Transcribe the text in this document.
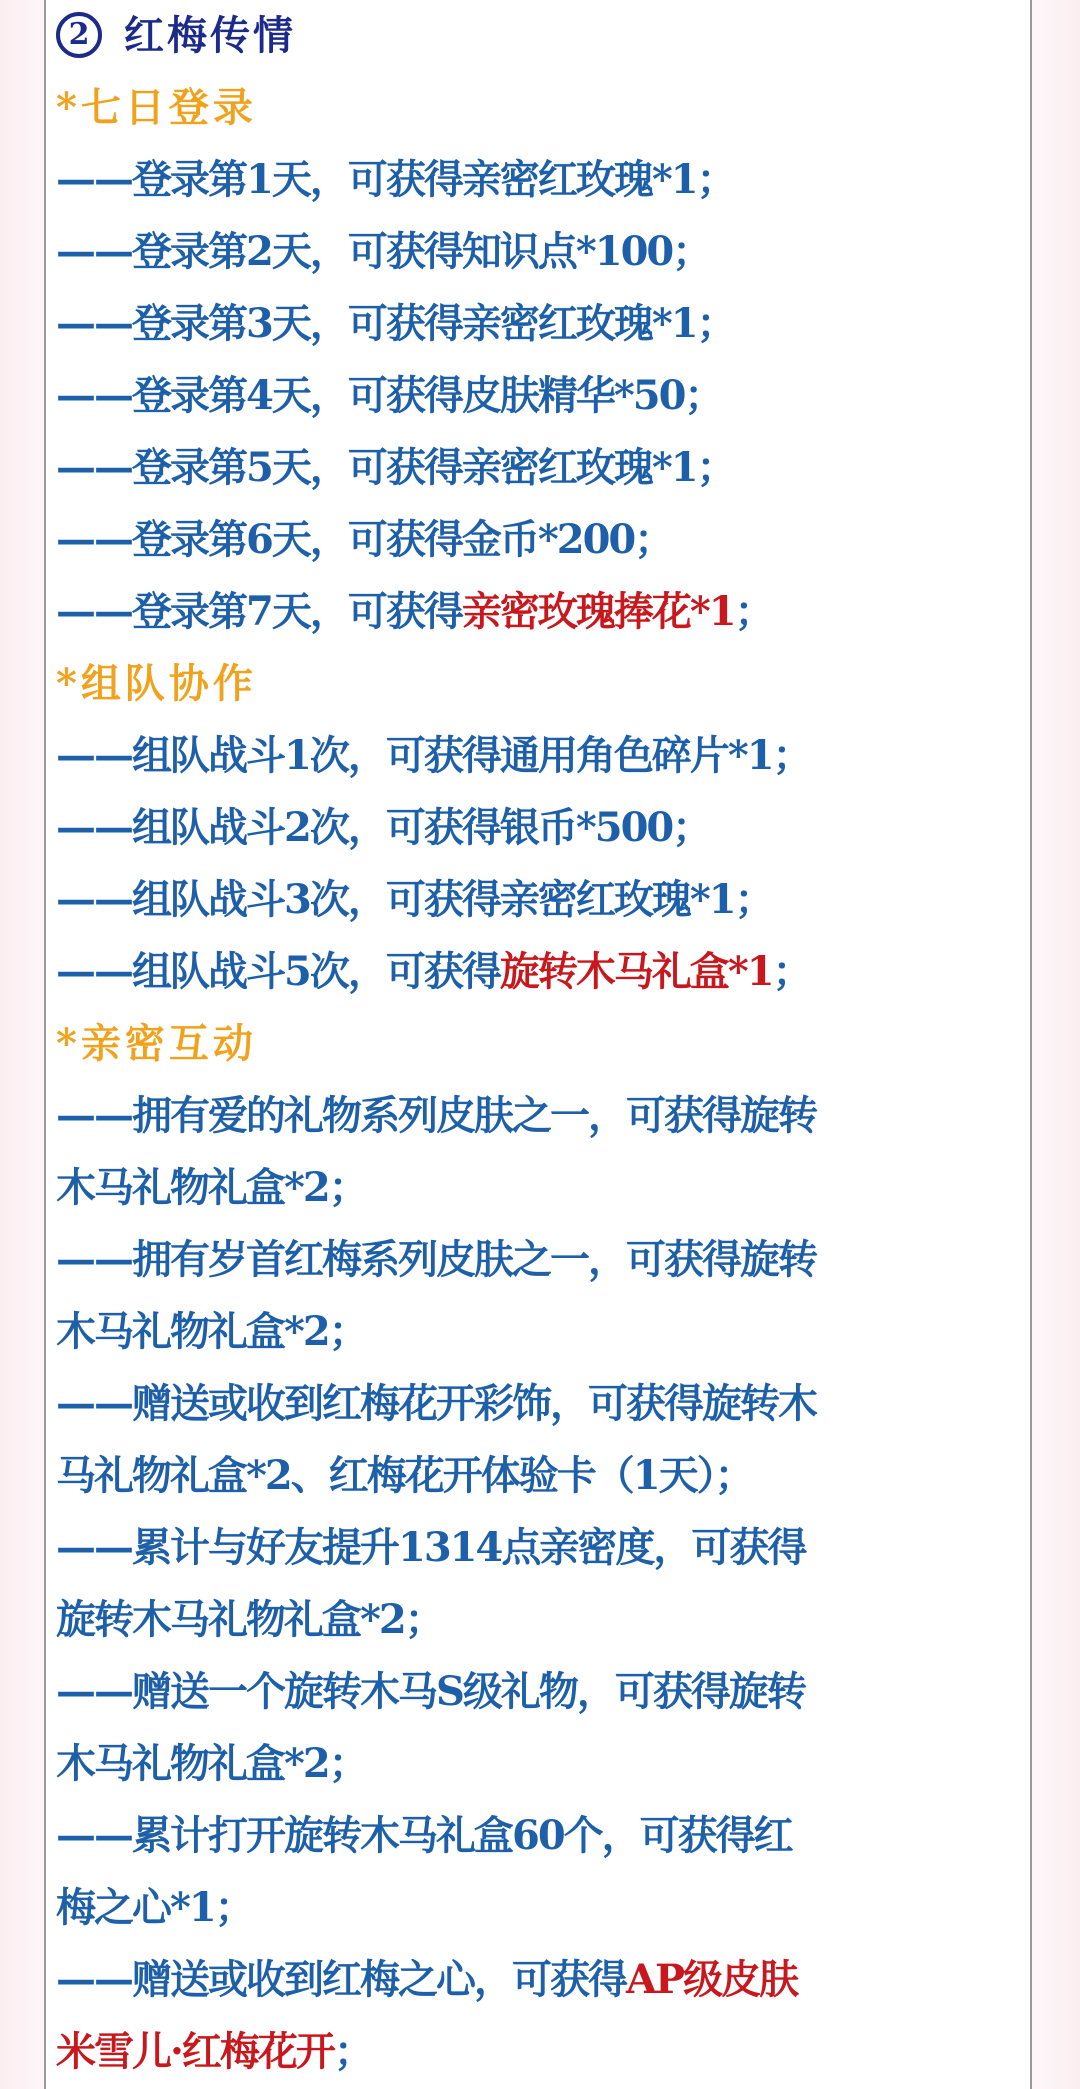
2 红梅传情
*七日登录
——登录第1天，可获得亲密红玫瑰*1；
——登录第2天，可获得知识点*100；
——登录第3天，可获得亲密红玫瑰*1；
——登录第4天，可获得皮肤精华*50；
——登录第5天，可获得亲密红玫瑰*1；
——登录第6天，可获得金币*200；
——登录第7天，可获得亲密玫瑰捧花*1；
*组队协作
——组队战斗1次，可获得通用角色碎片*1；
——组队战斗2次，可获得银币*500；
——组队战斗3次，可获得亲密红玫瑰*1；
——组队战斗5次，可获得旋转木马礼盒*1；
*亲密互动
——拥有爱的礼物系列皮肤之一，可获得旋转
木马礼物礼盒*2；
——拥有岁首红梅系列皮肤之一，可获得旋转
木马礼物礼盒*2；
——赠送或收到红梅花开彩饰，可获得旋转木
马礼物礼盒*2、红梅花开体验卡（1天）；
——累计与好友提升1314点亲密度，可获得
旋转木马礼物礼盒*2；
——赠送一个旋转木马S级礼物，可获得旋转
木马礼物礼盒*2；
——累计打开旋转木马礼盒60个，可获得红
梅之心*1；
——赠送或收到红梅之心，可获得AP级皮肤
米雪儿·红梅花开；
